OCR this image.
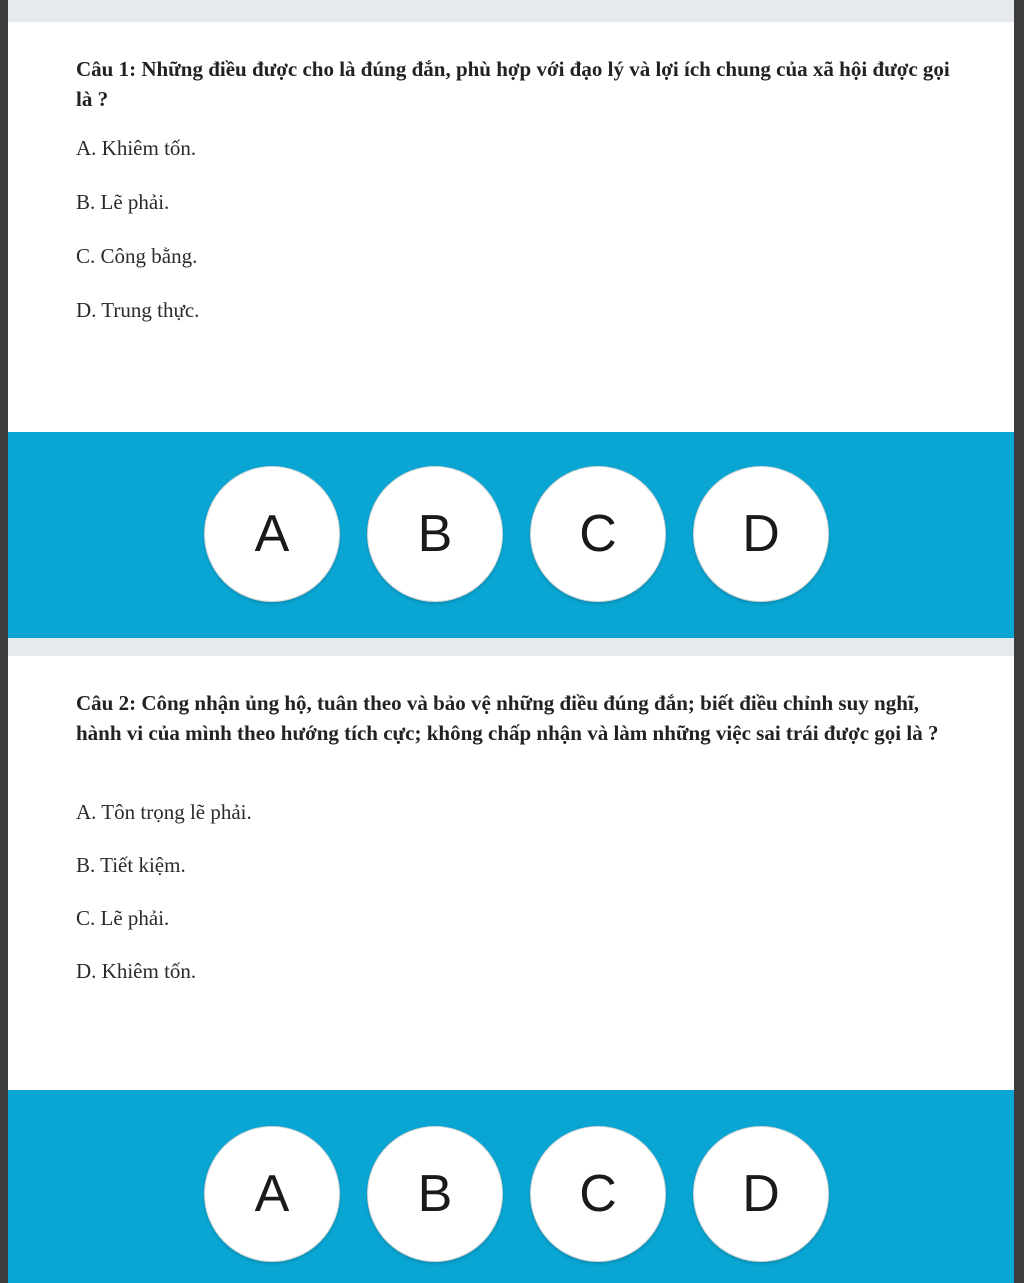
Câu 1: Những điều được cho là đúng đắn, phù hợp với đạo lý và lợi ích chung của xã hội được gọi là ?

A. Khiêm tốn.

B. Lẽ phải.

C. Công bằng.

D. Trung thực.

A	B	C	D

Câu 2: Công nhận ủng hộ, tuân theo và bảo vệ những điều đúng đắn; biết điều chỉnh suy nghĩ, hành vi của mình theo hướng tích cực; không chấp nhận và làm những việc sai trái được gọi là ?

A. Tôn trọng lẽ phải.

B. Tiết kiệm.

C. Lẽ phải.

D. Khiêm tốn.

A	B	C	D
